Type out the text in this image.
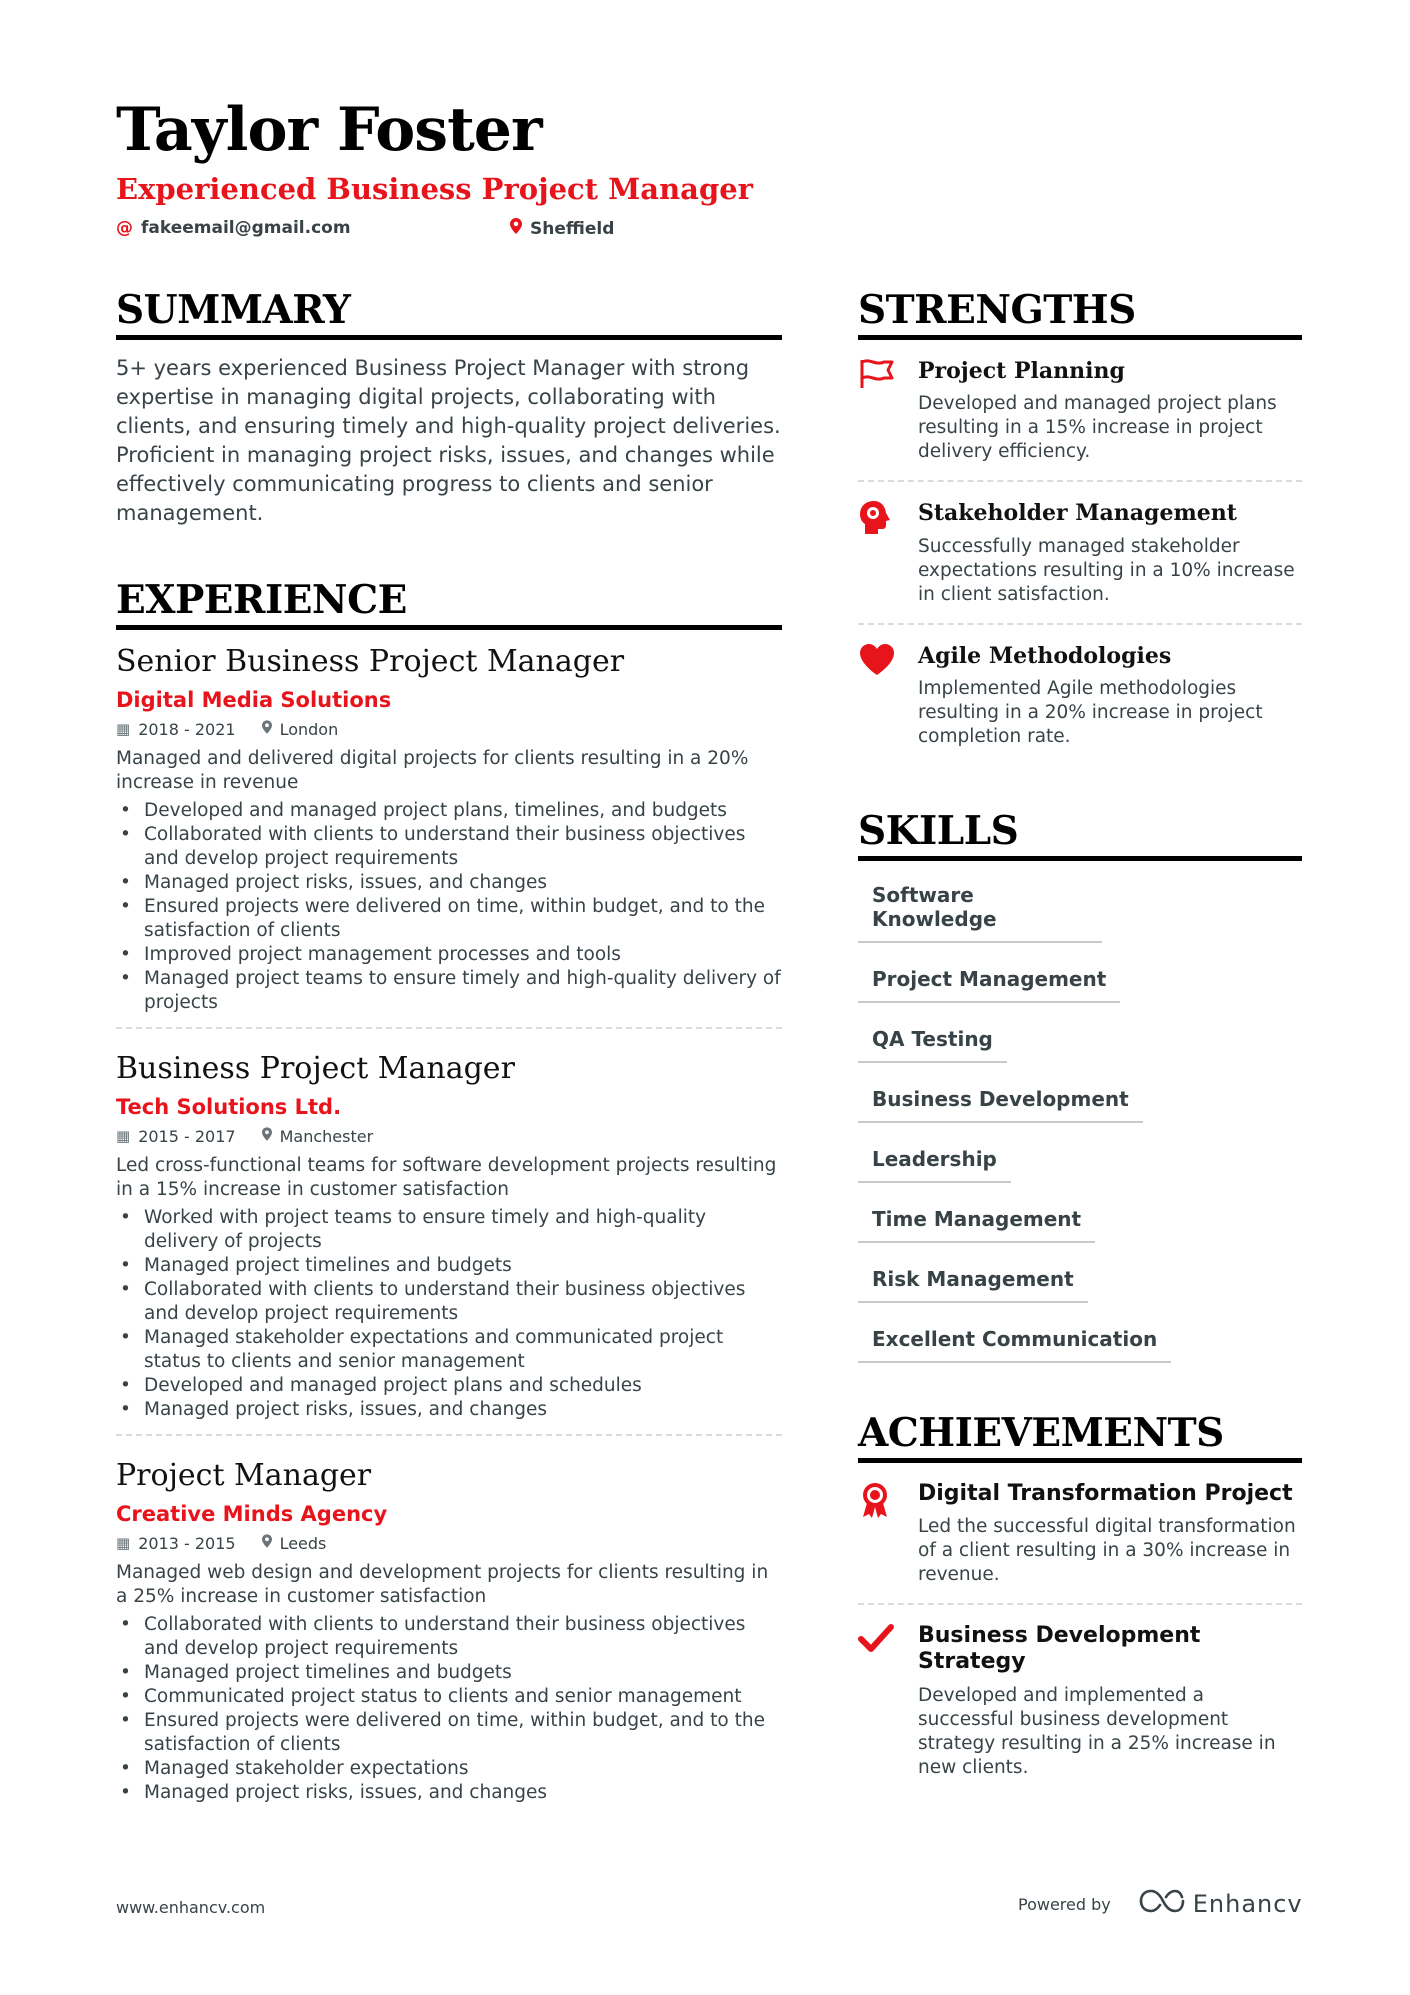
Taylor Foster
Experienced Business Project Manager
@ fakeemail@gmail.com	Sheffield
SUMMARY
5+ years experienced Business Project Manager with strong expertise in managing digital projects, collaborating with clients, and ensuring timely and high-quality project deliveries. Proficient in managing project risks, issues, and changes while effectively communicating progress to clients and senior management.
EXPERIENCE
Senior Business Project Manager
Digital Media Solutions
▦ 2018 - 2021	London
Managed and delivered digital projects for clients resulting in a 20% increase in revenue
• Developed and managed project plans, timelines, and budgets
• Collaborated with clients to understand their business objectives and develop project requirements
• Managed project risks, issues, and changes
• Ensured projects were delivered on time, within budget, and to the satisfaction of clients
• Improved project management processes and tools
• Managed project teams to ensure timely and high-quality delivery of projects
Business Project Manager
Tech Solutions Ltd.
▦ 2015 - 2017	Manchester
Led cross-functional teams for software development projects resulting in a 15% increase in customer satisfaction
• Worked with project teams to ensure timely and high-quality delivery of projects
• Managed project timelines and budgets
• Collaborated with clients to understand their business objectives and develop project requirements
• Managed stakeholder expectations and communicated project status to clients and senior management
• Developed and managed project plans and schedules
• Managed project risks, issues, and changes
Project Manager
Creative Minds Agency
▦ 2013 - 2015	Leeds
Managed web design and development projects for clients resulting in a 25% increase in customer satisfaction
• Collaborated with clients to understand their business objectives and develop project requirements
• Managed project timelines and budgets
• Communicated project status to clients and senior management
• Ensured projects were delivered on time, within budget, and to the satisfaction of clients
• Managed stakeholder expectations
• Managed project risks, issues, and changes
STRENGTHS
Project Planning
Developed and managed project plans resulting in a 15% increase in project delivery efficiency.
Stakeholder Management
Successfully managed stakeholder expectations resulting in a 10% increase in client satisfaction.
Agile Methodologies
Implemented Agile methodologies resulting in a 20% increase in project completion rate.
SKILLS
Software Knowledge
Project Management
QA Testing
Business Development
Leadership
Time Management
Risk Management
Excellent Communication
ACHIEVEMENTS
Digital Transformation Project
Led the successful digital transformation of a client resulting in a 30% increase in revenue.
Business Development Strategy
Developed and implemented a successful business development strategy resulting in a 25% increase in new clients.
www.enhancv.com	Powered by	Enhancv
